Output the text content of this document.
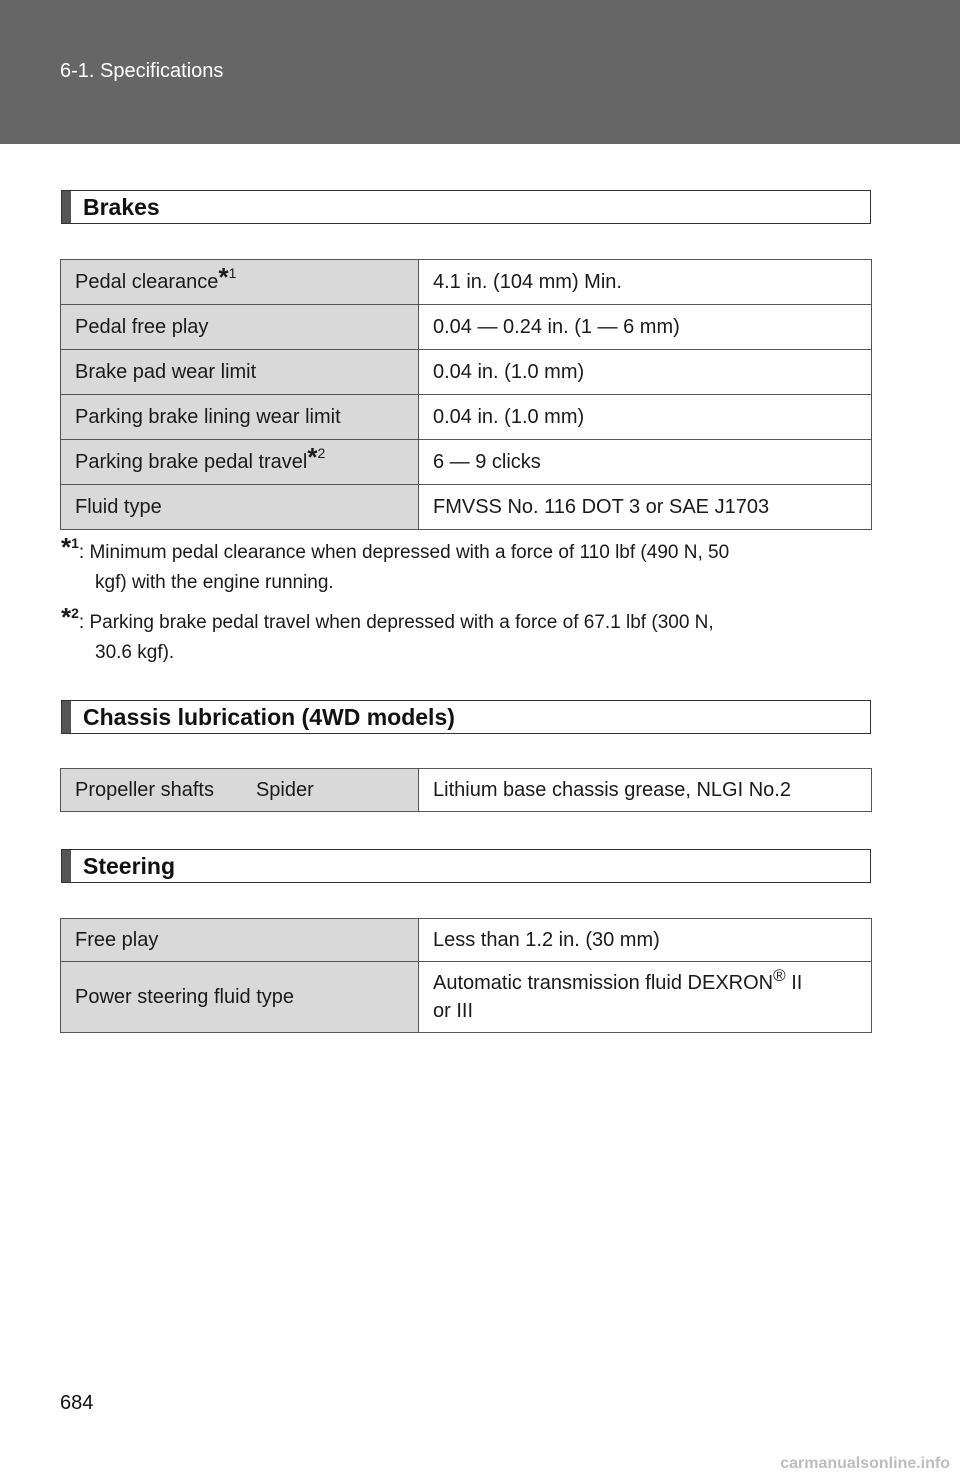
6-1. Specifications
Brakes
Pedal clearance$^{*1}$	4.1 in. (104 mm) Min.
Pedal free play	0.04 — 0.24 in. (1 — 6 mm)
Brake pad wear limit	0.04 in. (1.0 mm)
Parking brake lining wear limit	0.04 in. (1.0 mm)
Parking brake pedal travel$^{*2}$	6 — 9 clicks
Fluid type	FMVSS No. 116 DOT 3 or SAE J1703
$^{*1}$: Minimum pedal clearance when depressed with a force of 110 lbf (490 N, 50
kgf) with the engine running.
$^{*2}$: Parking brake pedal travel when depressed with a force of 67.1 lbf (300 N,
30.6 kgf).
Chassis lubrication (4WD models)
Propeller shafts Spider	Lithium base chassis grease, NLGI No.2
Steering
Free play	Less than 1.2 in. (30 mm)
Power steering fluid type	Automatic transmission fluid DEXRON® II
or III
684
carmanualsonline.info
